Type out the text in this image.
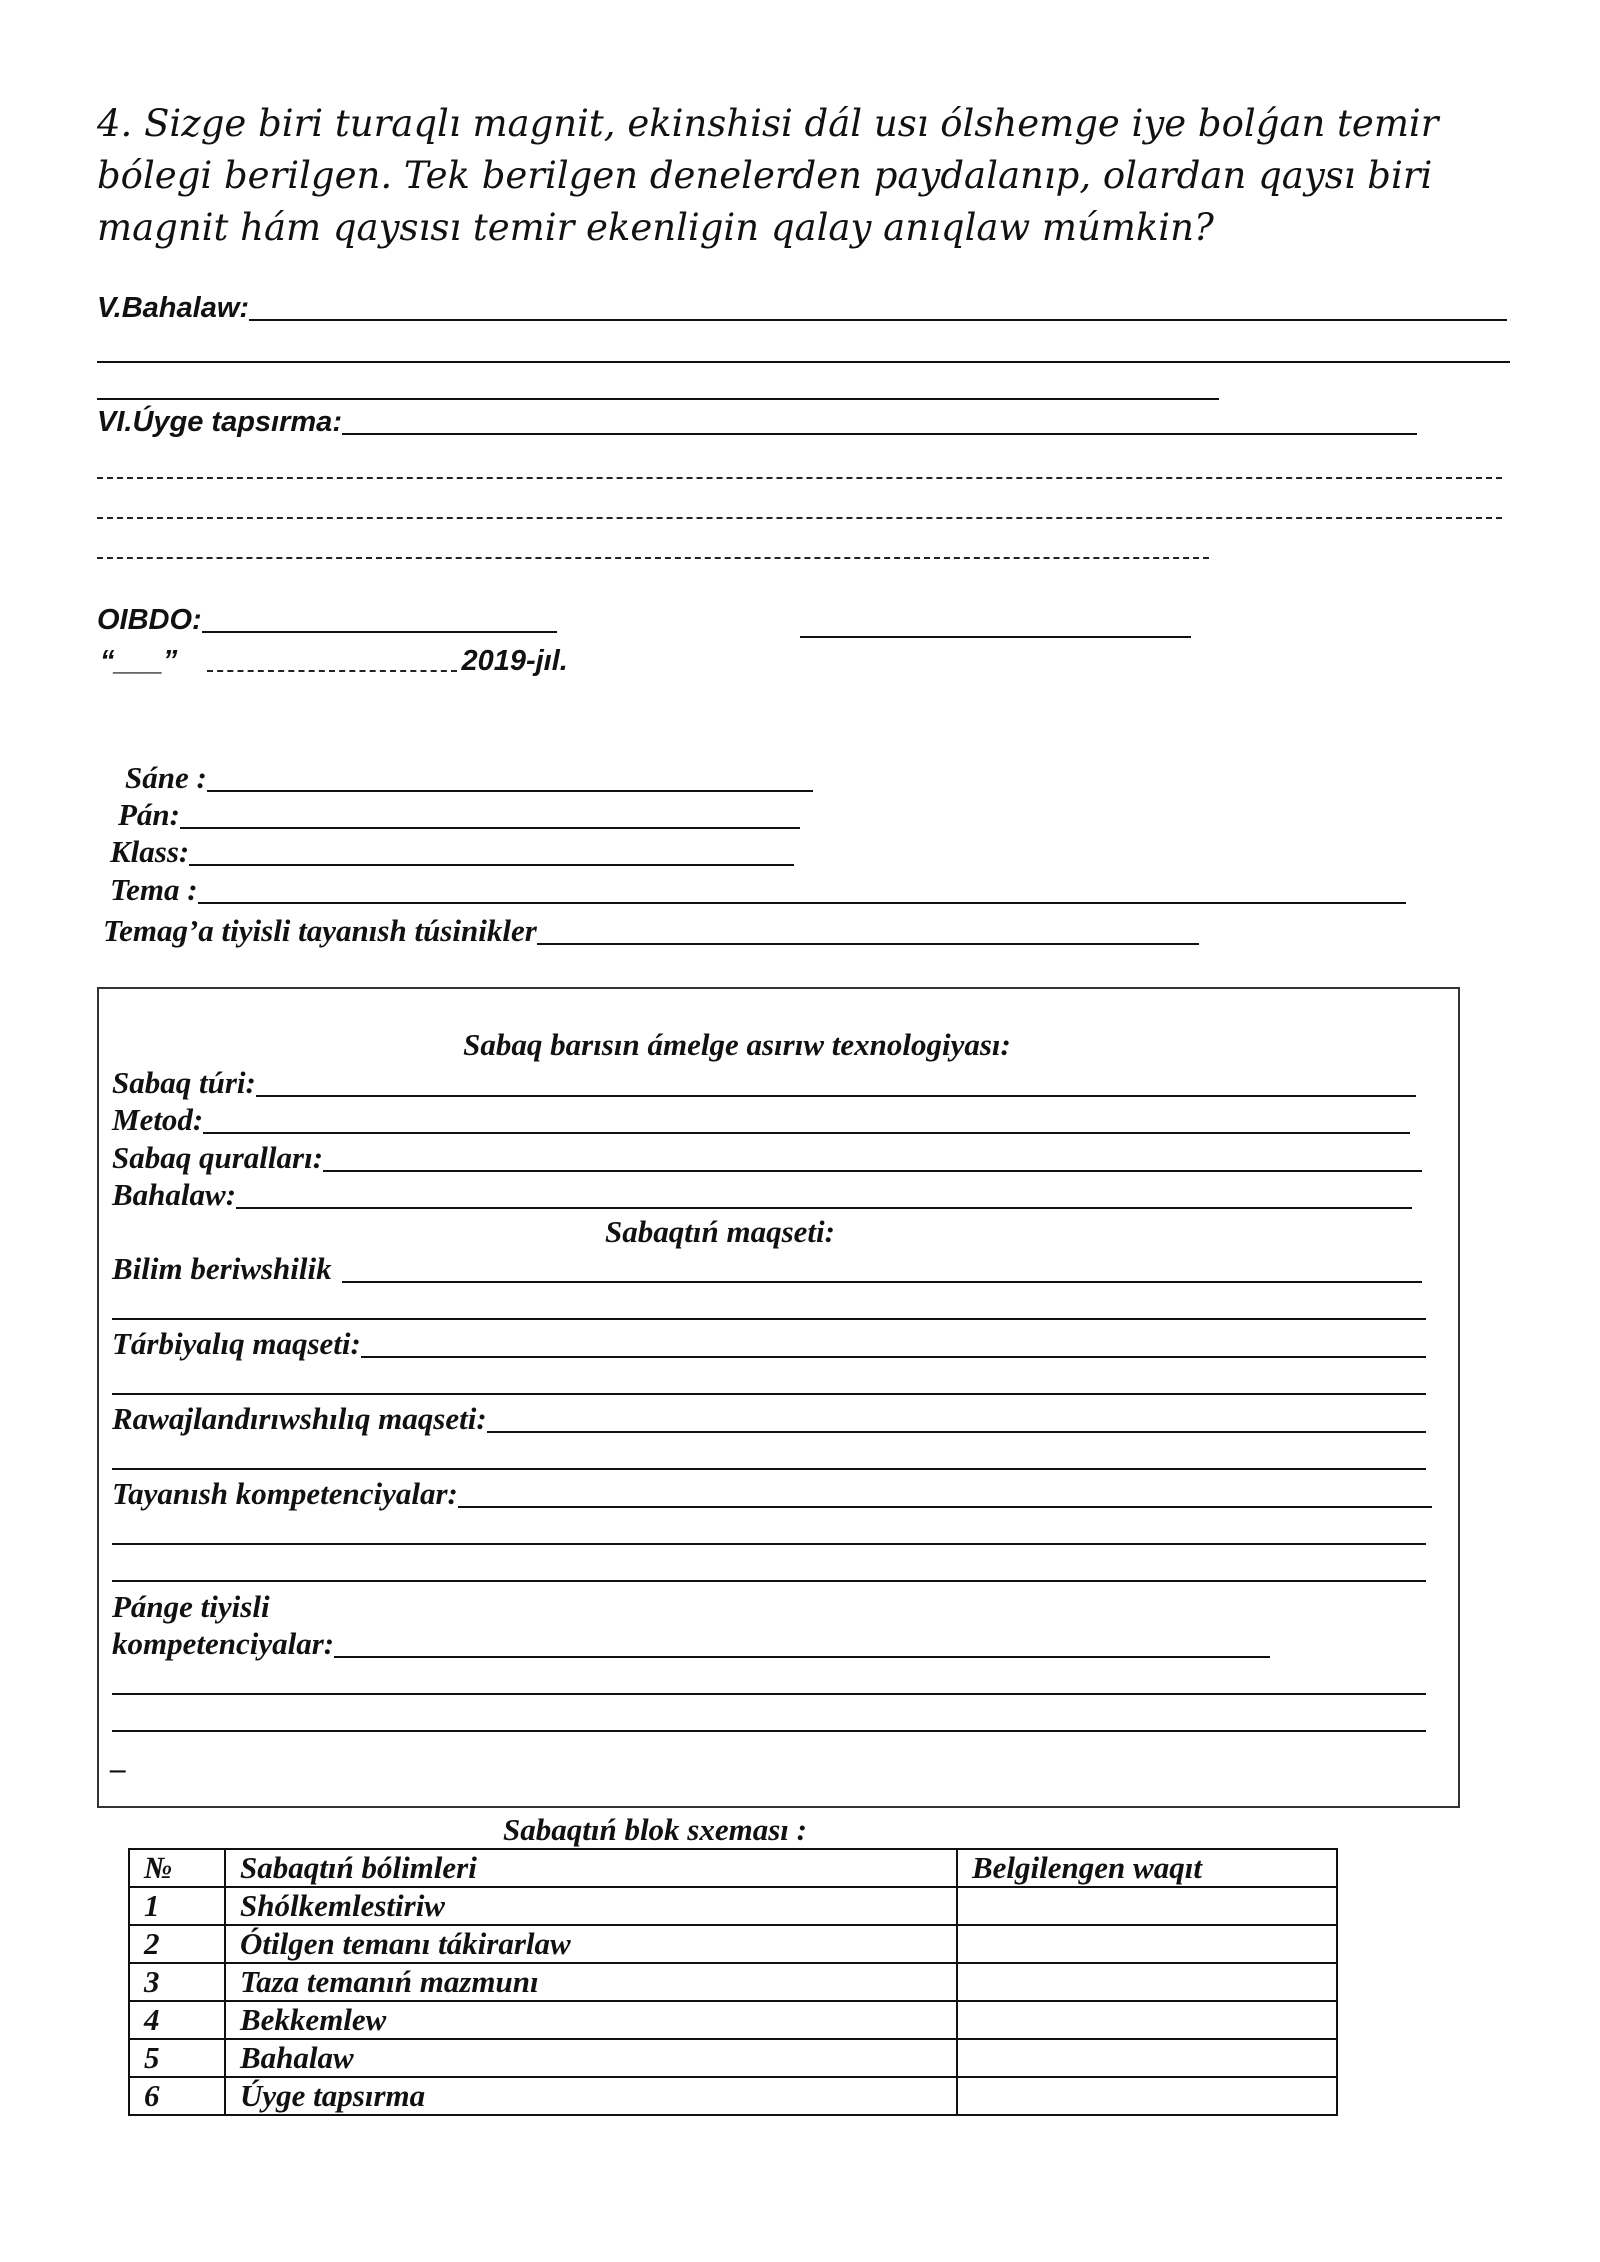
4. Sizge biri turaqlı magnit, ekinshisi dál usı ólshemge iye bolǵan temir bólegi berilgen. Tek berilgen denelerden paydalanıp, olardan qaysı biri magnit hám qaysısı temir ekenligin qalay anıqlaw múmkin?
V.Bahalaw:
VI.Úyge tapsırma:
OIBDO:
“___”	2019-jıl.
Sáne :
Pán:
Klass:
Tema :
Temag’a tiyisli tayanısh túsinikler
Sabaq barısın ámelge asırıw texnologiyası:
Sabaq túri:
Metod:
Sabaq quralları:
Bahalaw:
Sabaqtıń maqseti:
Bilim beriwshilik
Tárbiyalıq maqseti:
Rawajlandırıwshılıq maqseti:
Tayanısh kompetenciyalar:
Pánge tiyisli
kompetenciyalar:
_
Sabaqtıń blok sxeması :
№	Sabaqtıń bólimleri	Belgilengen waqıt
1	Shólkemlestiriw	
2	Ótilgen temanı tákirarlaw	
3	Taza temanıń mazmunı	
4	Bekkemlew	
5	Bahalaw	
6	Úyge tapsırma	
